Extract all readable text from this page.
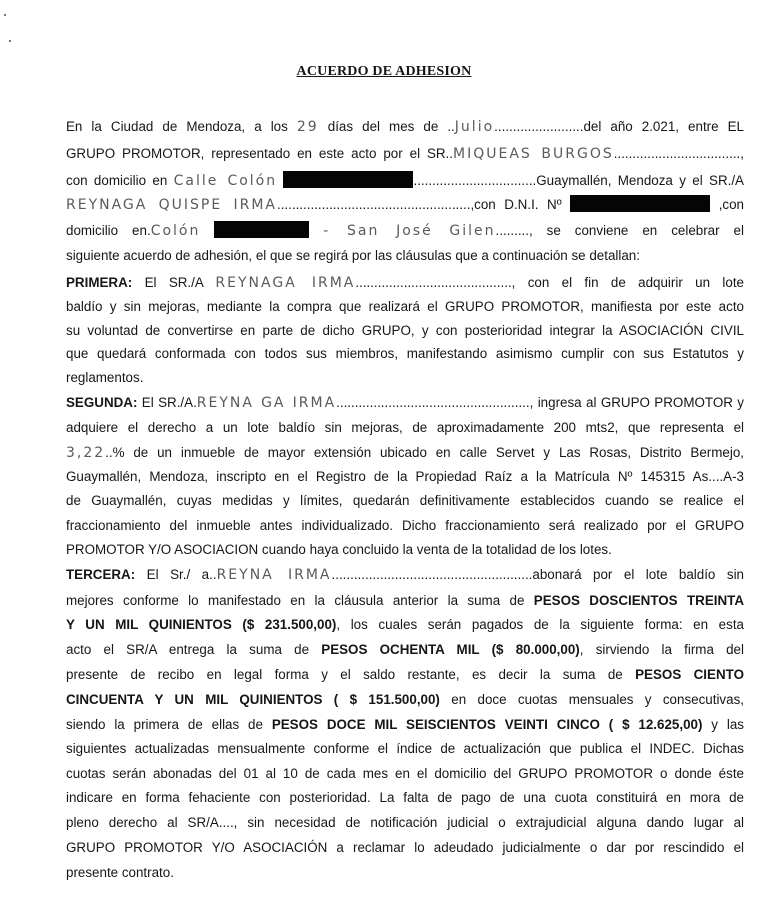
ACUERDO DE ADHESION
En la Ciudad de Mendoza, a los 29 días del mes de ..Julio........................del año 2.021, entre EL
GRUPO PROMOTOR, representado en este acto por el SR..MIQUEAS BURGOS..................................,
con domicilio en Calle Colón	.................................Guaymallén, Mendoza y el SR./A
REYNAGA QUISPE IRMA....................................................,con D.N.I. Nº	,con
domicilio en.Colón	- San José Gilen........., se conviene en celebrar el
siguiente acuerdo de adhesión, el que se regirá por las cláusulas que a continuación se detallan:
PRIMERA: El SR./A REYNAGA IRMA.........................................., con el fin de adquirir un lote
baldío y sin mejoras, mediante la compra que realizará el GRUPO PROMOTOR, manifiesta por este acto
su voluntad de convertirse en parte de dicho GRUPO, y con posterioridad integrar la ASOCIACIÓN CIVIL
que quedará conformada con todos sus miembros, manifestando asimismo cumplir con sus Estatutos y
reglamentos.
SEGUNDA: El SR./A.REYNA GA IRMA...................................................., ingresa al GRUPO PROMOTOR y
adquiere el derecho a un lote baldío sin mejoras, de aproximadamente 200 mts2, que representa el
3,22..% de un inmueble de mayor extensión ubicado en calle Servet y Las Rosas, Distrito Bermejo,
Guaymallén, Mendoza, inscripto en el Registro de la Propiedad Raíz a la Matrícula Nº 145315 As....A-3
de Guaymallén, cuyas medidas y límites, quedarán definitivamente establecidos cuando se realice el
fraccionamiento del inmueble antes individualizado. Dicho fraccionamiento será realizado por el GRUPO
PROMOTOR Y/O ASOCIACION cuando haya concluido la venta de la totalidad de los lotes.
TERCERA: El Sr./ a..REYNA IRMA......................................................abonará por el lote baldío sin
mejores conforme lo manifestado en la cláusula anterior la suma de PESOS DOSCIENTOS TREINTA
Y UN MIL QUINIENTOS ($ 231.500,00), los cuales serán pagados de la siguiente forma: en esta
acto el SR/A entrega la suma de PESOS OCHENTA MIL ($ 80.000,00), sirviendo la firma del
presente de recibo en legal forma y el saldo restante, es decir la suma de PESOS CIENTO
CINCUENTA Y UN MIL QUINIENTOS ( $ 151.500,00) en doce cuotas mensuales y consecutivas,
siendo la primera de ellas de PESOS DOCE MIL SEISCIENTOS VEINTI CINCO ( $ 12.625,00) y las
siguientes actualizadas mensualmente conforme el índice de actualización que publica el INDEC. Dichas
cuotas serán abonadas del 01 al 10 de cada mes en el domicilio del GRUPO PROMOTOR o donde éste
indicare en forma fehaciente con posterioridad. La falta de pago de una cuota constituirá en mora de
pleno derecho al SR/A...., sin necesidad de notificación judicial o extrajudicial alguna dando lugar al
GRUPO PROMOTOR Y/O ASOCIACIÓN a reclamar lo adeudado judicialmente o dar por rescindido el
presente contrato.
